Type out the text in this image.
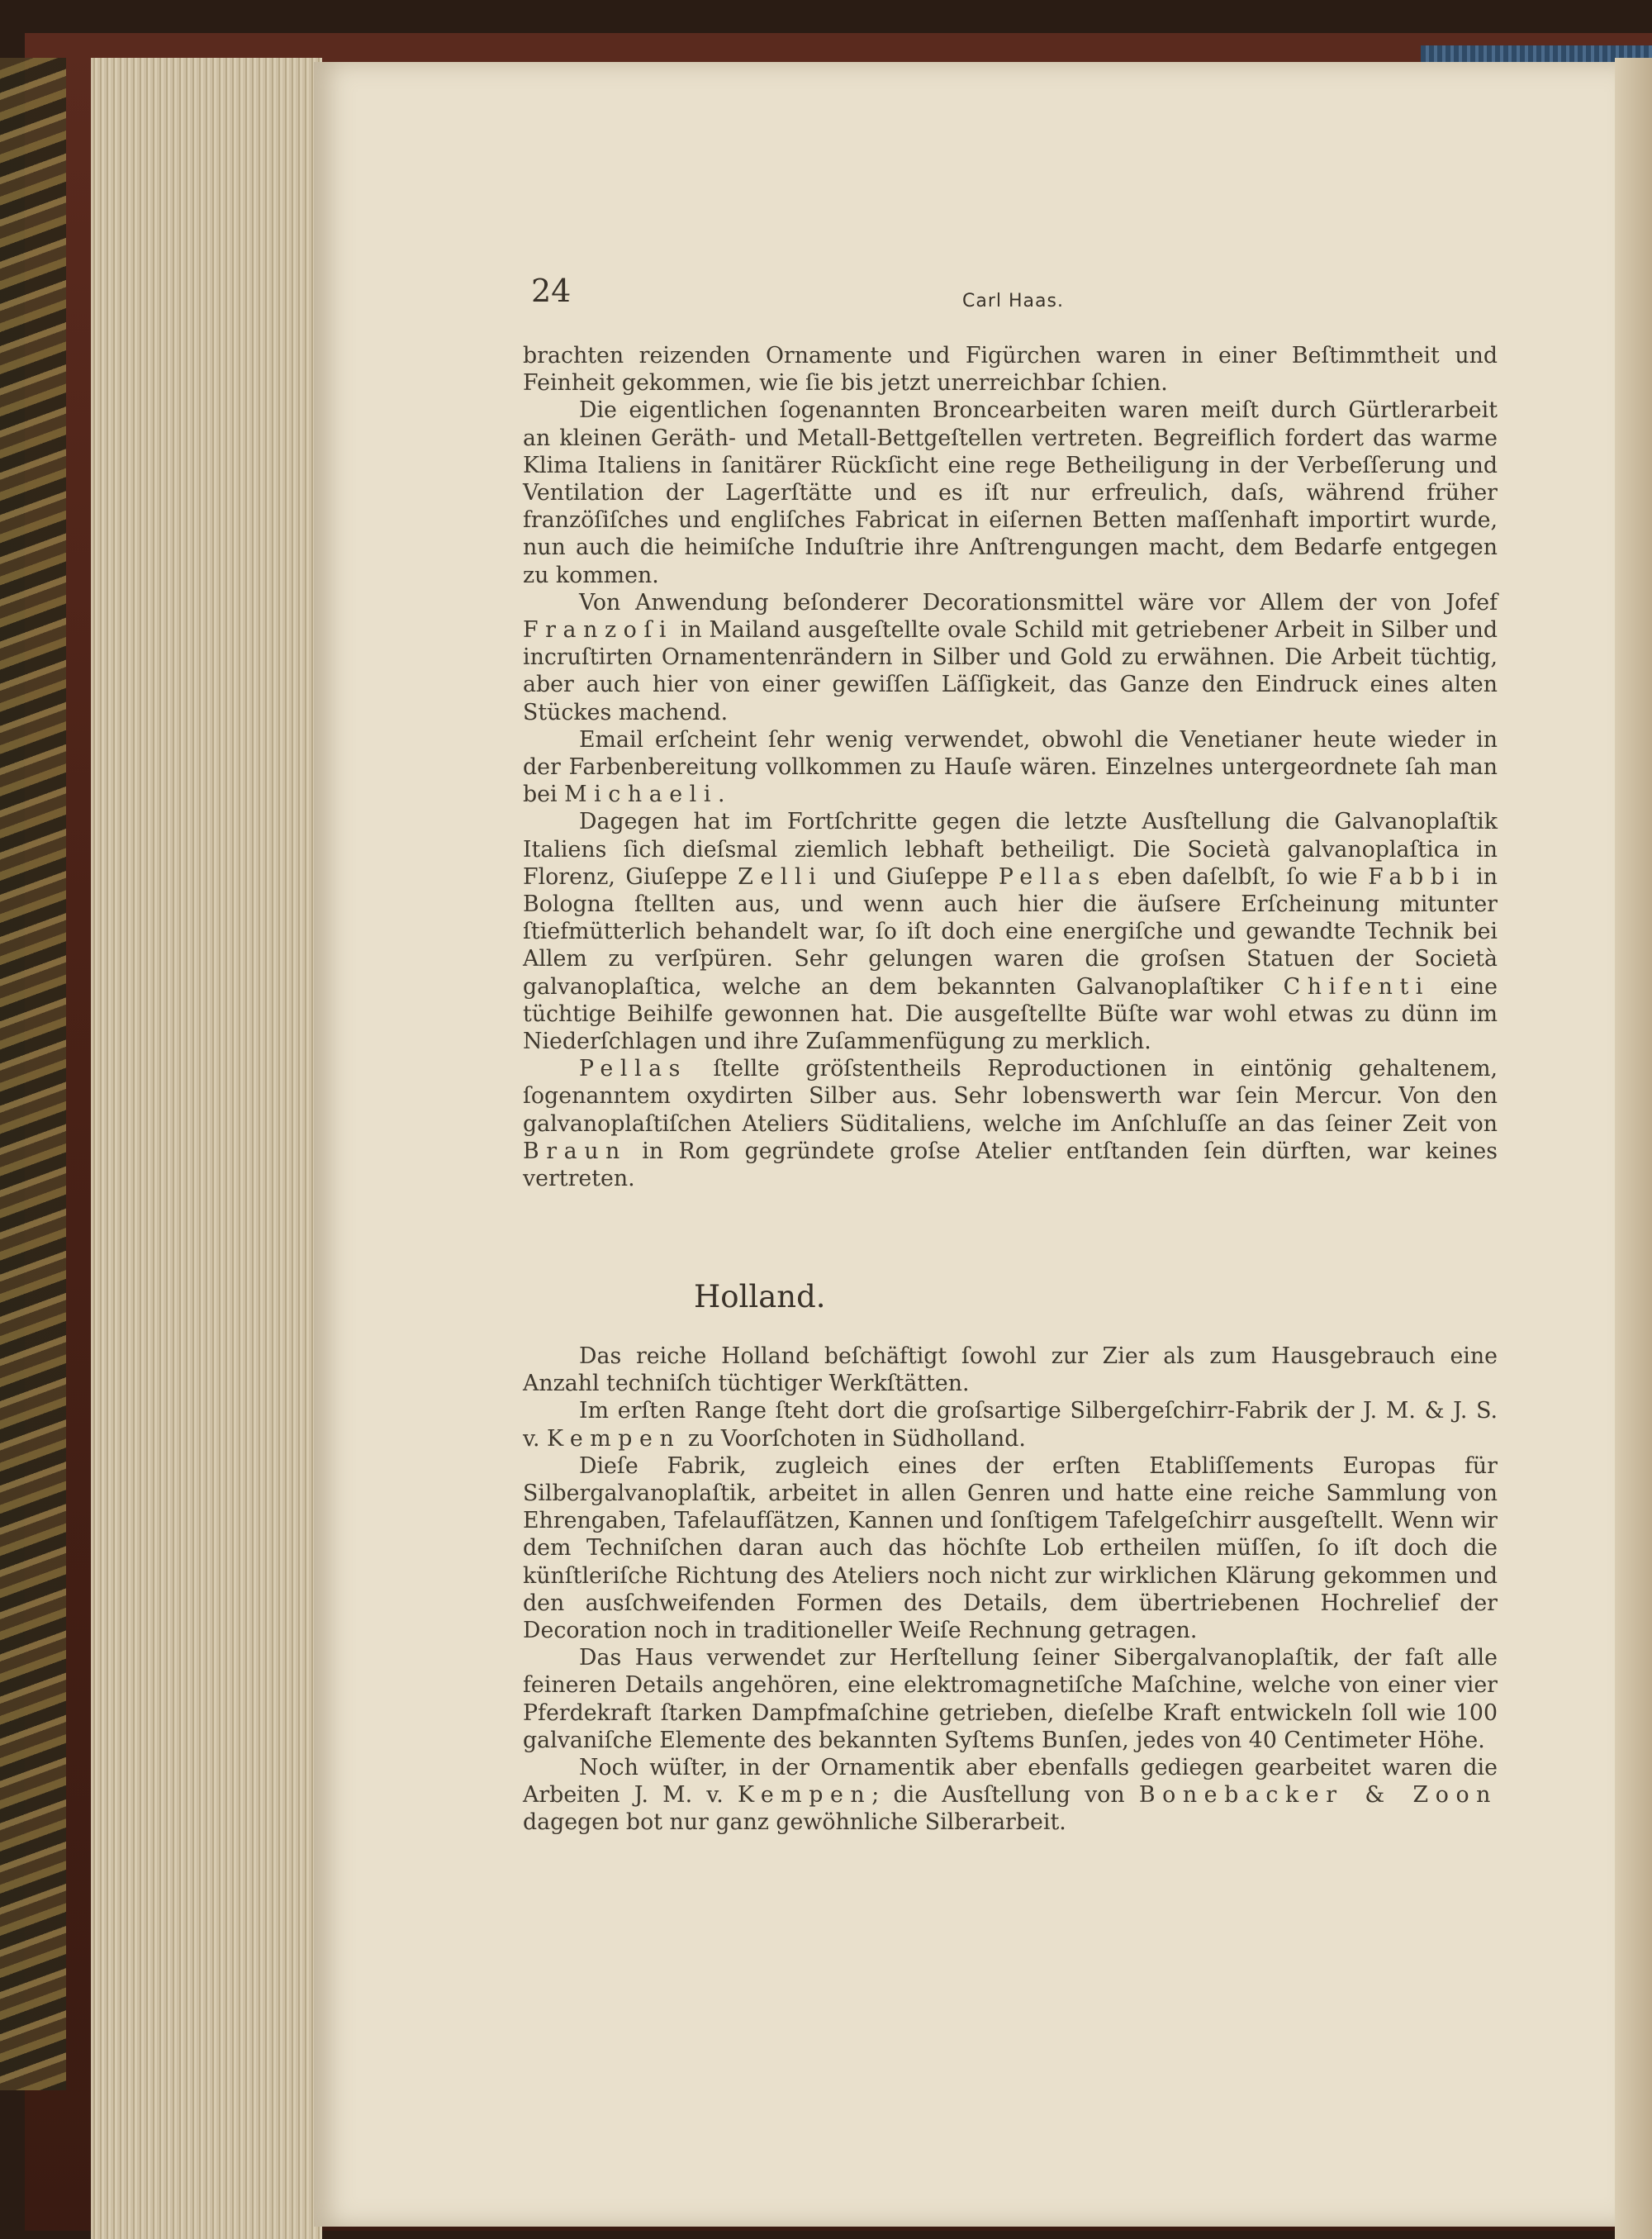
24	Carl Haas.

brachten reizenden Ornamente und Figürchen waren in einer Beſtimmtheit und Feinheit gekommen, wie ſie bis jetzt unerreichbar ſchien.

Die eigentlichen ſogenannten Broncearbeiten waren meiſt durch Gürtlerarbeit an kleinen Geräth- und Metall-Bettgeſtellen vertreten. Begreiflich fordert das warme Klima Italiens in ſanitärer Rückſicht eine rege Betheiligung in der Verbeſſerung und Ventilation der Lagerſtätte und es iſt nur erfreulich, daſs, während früher franzöſiſches und engliſches Fabricat in eiſernen Betten maſſenhaft importirt wurde, nun auch die heimiſche Induſtrie ihre Anſtrengungen macht, dem Bedarfe entgegen zu kommen.

Von Anwendung beſonderer Decorationsmittel wäre vor Allem der von Jofef Franzoſi in Mailand ausgeſtellte ovale Schild mit getriebener Arbeit in Silber und incruſtirten Ornamentenrändern in Silber und Gold zu erwähnen. Die Arbeit tüchtig, aber auch hier von einer gewiſſen Läſſigkeit, das Ganze den Eindruck eines alten Stückes machend.

Email erſcheint ſehr wenig verwendet, obwohl die Venetianer heute wieder in der Farbenbereitung vollkommen zu Hauſe wären. Einzelnes untergeordnete ſah man bei Michaeli.

Dagegen hat im Fortſchritte gegen die letzte Ausſtellung die Galvanoplaſtik Italiens ſich dieſsmal ziemlich lebhaft betheiligt. Die Società galvanoplaſtica in Florenz, Giuſeppe Zelli und Giuſeppe Pellas eben daſelbſt, ſo wie Fabbi in Bologna ſtellten aus, und wenn auch hier die äuſsere Erſcheinung mitunter ſtiefmütterlich behandelt war, ſo iſt doch eine energiſche und gewandte Technik bei Allem zu verſpüren. Sehr gelungen waren die groſsen Statuen der Società galvanoplaſtica, welche an dem bekannten Galvanoplaſtiker Chifenti eine tüchtige Beihilfe gewonnen hat. Die ausgeſtellte Büſte war wohl etwas zu dünn im Niederſchlagen und ihre Zuſammenfügung zu merklich.

Pellas ſtellte gröſstentheils Reproductionen in eintönig gehaltenem, ſogenanntem oxydirten Silber aus. Sehr lobenswerth war ſein Mercur. Von den galvanoplaſtiſchen Ateliers Süditaliens, welche im Anſchluſſe an das ſeiner Zeit von Braun in Rom gegründete groſse Atelier entſtanden ſein dürften, war keines vertreten.

Holland.

Das reiche Holland beſchäftigt ſowohl zur Zier als zum Hausgebrauch eine Anzahl techniſch tüchtiger Werkſtätten.

Im erſten Range ſteht dort die groſsartige Silbergeſchirr-Fabrik der J. M. & J. S. v. Kempen zu Voorſchoten in Südholland.

Dieſe Fabrik, zugleich eines der erſten Etabliſſements Europas für Silbergalvanoplaſtik, arbeitet in allen Genren und hatte eine reiche Sammlung von Ehrengaben, Tafelaufſätzen, Kannen und ſonſtigem Tafelgeſchirr ausgeſtellt. Wenn wir dem Techniſchen daran auch das höchſte Lob ertheilen müſſen, ſo iſt doch die künſtleriſche Richtung des Ateliers noch nicht zur wirklichen Klärung gekommen und den ausſchweifenden Formen des Details, dem übertriebenen Hochrelief der Decoration noch in traditioneller Weiſe Rechnung getragen.

Das Haus verwendet zur Herſtellung ſeiner Sibergalvanoplaſtik, der faſt alle feineren Details angehören, eine elektromagnetiſche Maſchine, welche von einer vier Pferdekraft ſtarken Dampfmaſchine getrieben, dieſelbe Kraft entwickeln ſoll wie 100 galvaniſche Elemente des bekannten Syſtems Bunſen, jedes von 40 Centimeter Höhe.

Noch wüſter, in der Ornamentik aber ebenfalls gediegen gearbeitet waren die Arbeiten J. M. v. Kempen; die Ausſtellung von Bonebacker & Zoon dagegen bot nur ganz gewöhnliche Silberarbeit.
